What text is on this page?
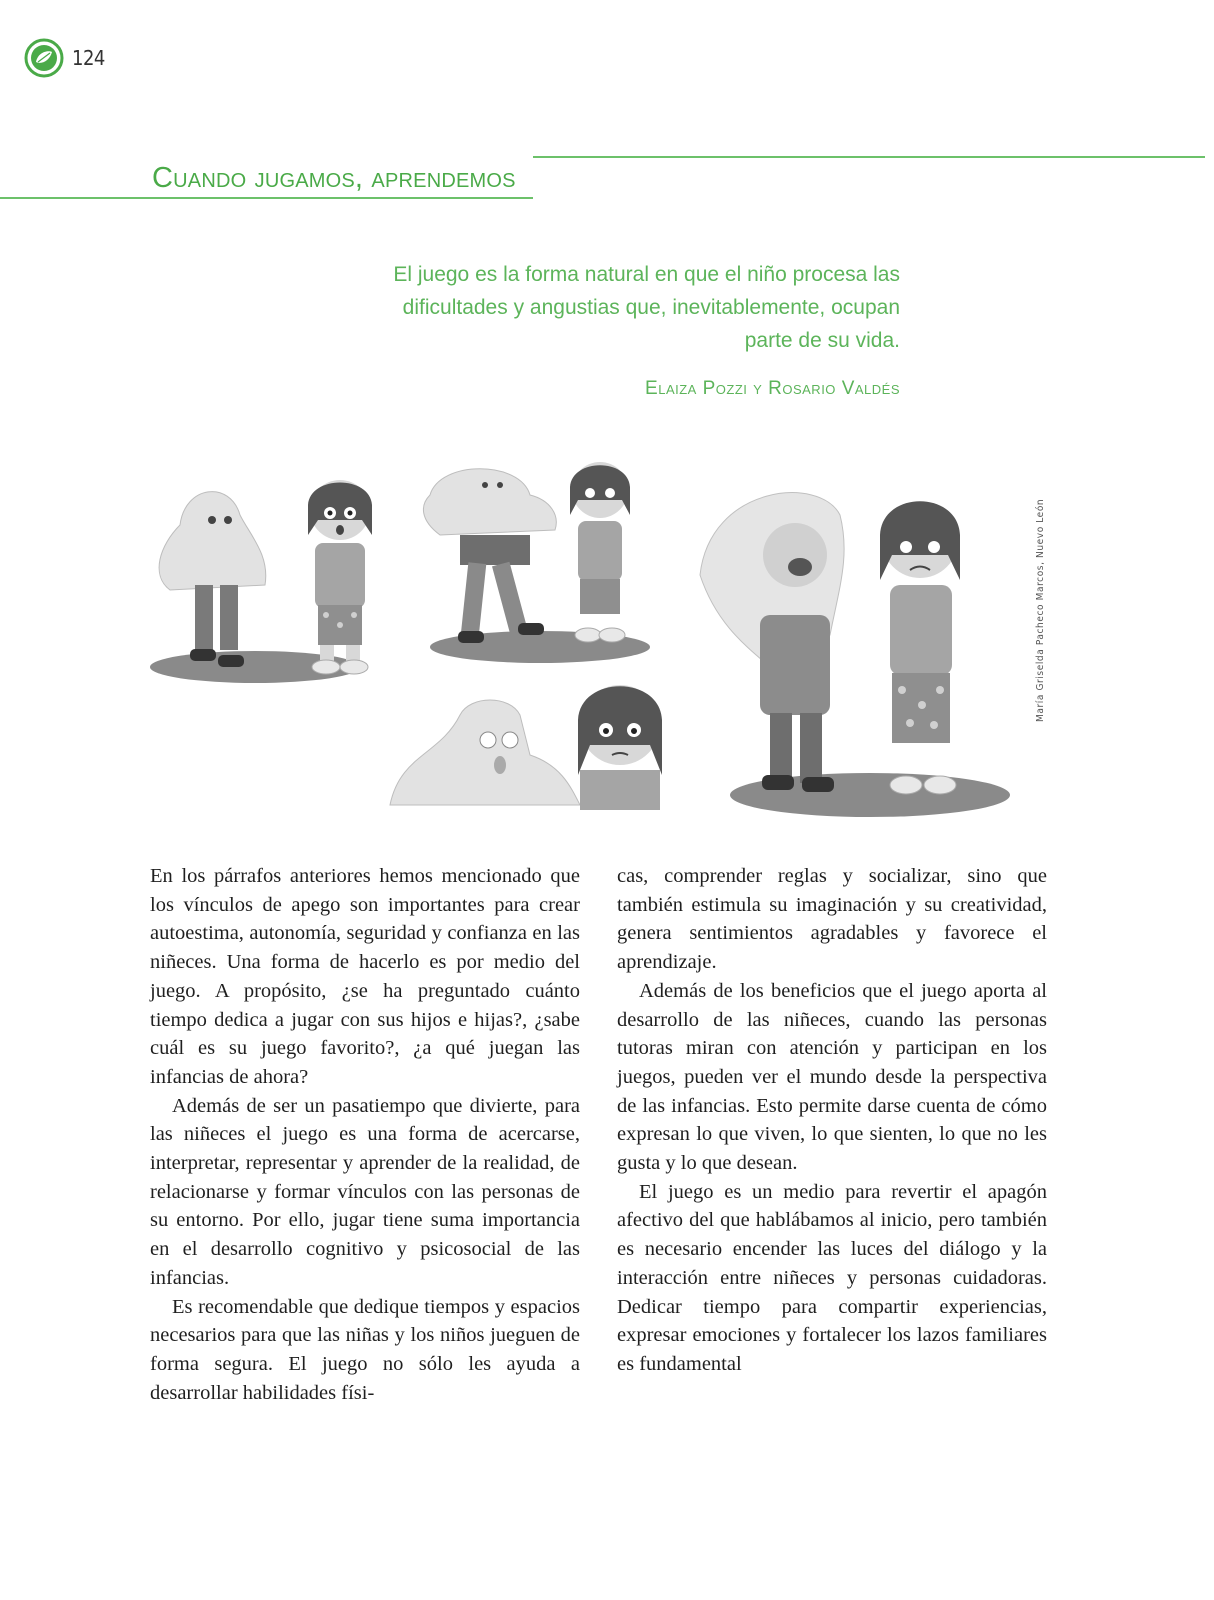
124
Cuando jugamos, aprendemos

El juego es la forma natural en que el niño procesa las

dificultades y angustias que, inevitablemente, ocupan

parte de su vida.

Elaiza Pozzi y Rosario Valdés
María Griselda Pacheco Marcos, Nuevo León

En los párrafos anteriores hemos mencionado que los vínculos de apego son importantes para crear autoestima, autonomía, seguridad y confianza en las niñeces. Una forma de hacerlo es por medio del juego. A propósito, ¿se ha preguntado cuánto tiempo dedica a jugar con sus hijos e hijas?, ¿sabe cuál es su juego favorito?, ¿a qué juegan las infancias de ahora?

Además de ser un pasatiempo que divierte, para las niñeces el juego es una forma de acercarse, interpretar, representar y aprender de la realidad, de relacionarse y formar vínculos con las personas de su entorno. Por ello, jugar tiene suma importancia en el desarrollo cognitivo y psicosocial de las infancias.

Es recomendable que dedique tiempos y espacios necesarios para que las niñas y los niños jueguen de forma segura. El juego no sólo les ayuda a desarrollar habilidades físi-

cas, comprender reglas y socializar, sino que también estimula su imaginación y su creatividad, genera sentimientos agradables y favorece el aprendizaje.

Además de los beneficios que el juego aporta al desarrollo de las niñeces, cuando las personas tutoras miran con atención y participan en los juegos, pueden ver el mundo desde la perspectiva de las infancias. Esto permite darse cuenta de cómo expresan lo que viven, lo que sienten, lo que no les gusta y lo que desean.

El juego es un medio para revertir el apagón afectivo del que hablábamos al inicio, pero también es necesario encender las luces del diálogo y la interacción entre niñeces y personas cuidadoras. Dedicar tiempo para compartir experiencias, expresar emociones y fortalecer los lazos familiares es fundamental
